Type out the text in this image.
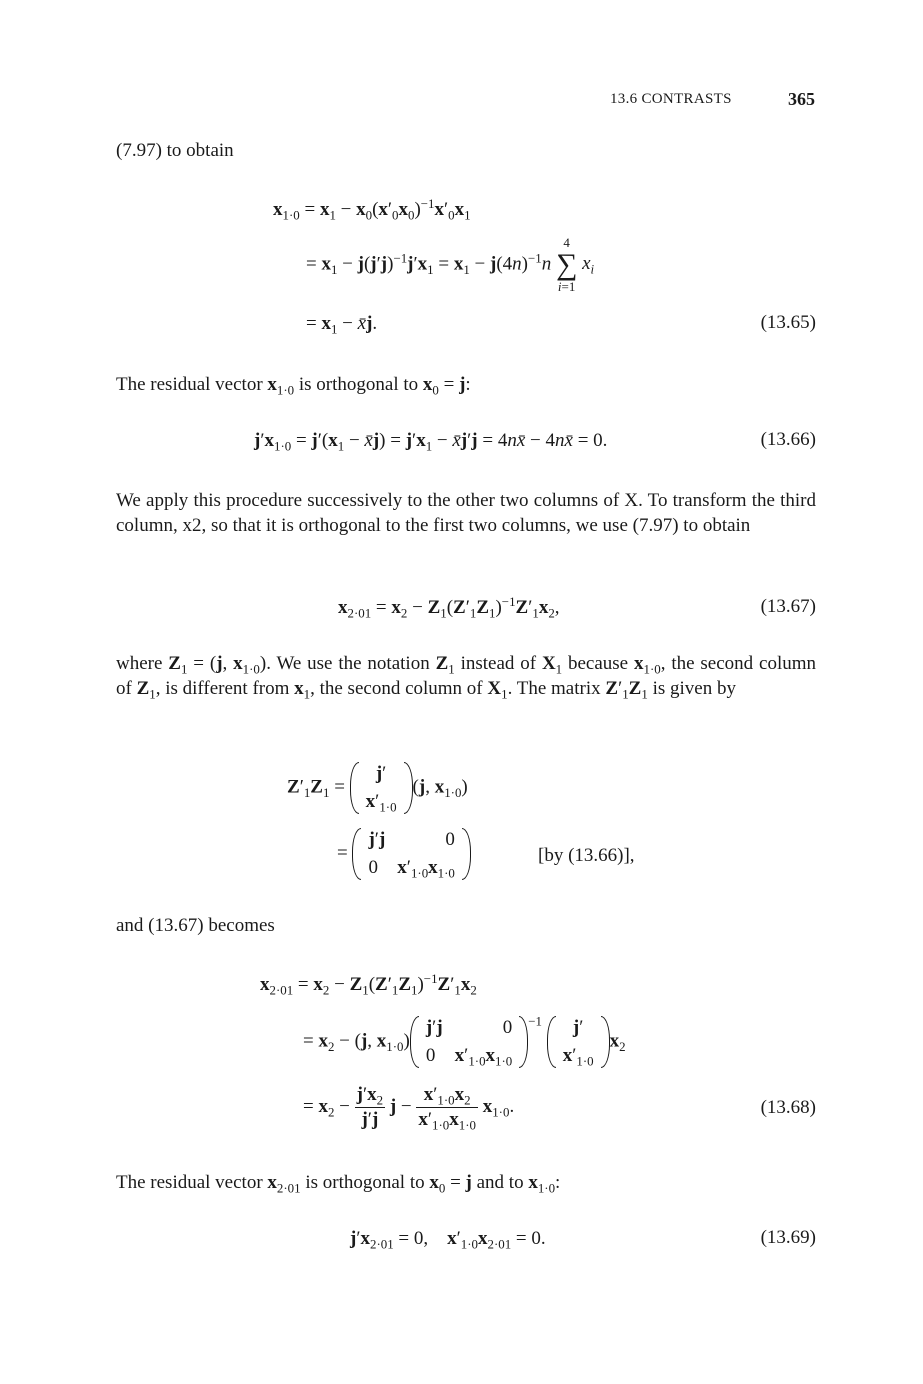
13.6 CONTRASTS	365
(7.97) to obtain
$x_{1\cdot 0} = x_1 - x_0(x'_0x_0)^{-1}x'_0x_1$
= $x_1 - j(j'j)^{-1}j'x_1 = x_1 - j(4n)^{-1}n$
4
∑
i=1
$x_i$
= $x_1$ − x̄j.	(13.65)
The residual vector $x_{1\cdot 0}$ is orthogonal to $x_0 = j$:
$j'x_{1\cdot 0} = j'(x_1$ − x̄j) = $j'x_1$ − x̄j′j = 4nx̄ − 4nx̄ = 0.	(13.66)
We apply this procedure successively to the other two columns of X. To transform the third column, x2, so that it is orthogonal to the first two columns, we use (7.97) to obtain
$x_{2\cdot 01} = x_2 - Z_1(Z'_1Z_1)^{-1}Z'_1x_2$,	(13.67)
where $Z_1 = (j$, $x_{1\cdot 0}$). We use the notation $Z_1$ instead of $X_1$ because $x_{1\cdot 0}$, the second column of $Z_1$, is different from $x_1$, the second column of $X_1$. The matrix $Z'_1Z_1$ is given by
$Z'_1Z_1$ =
j′
$x'_{1\cdot 0}$
(j, $x_{1\cdot 0}$)
=
j′j	0
0	$x'_{1\cdot 0}x_{1\cdot 0}$
[by (13.66)],
and (13.67) becomes
$x_{2\cdot 01} = x_2 - Z_1(Z'_1Z_1)^{-1}Z'_1x_2$
= $x_2 - (j$, $x_{1\cdot 0}$)
j′j	0
0	$x'_{1\cdot 0}x_{1\cdot 0}$
$^{-1}$ j′
$x'_{1\cdot 0}$
$x_2$
= $x_2 - \frac{j'x_2}{j'j}$ $j - \frac{x'_{1\cdot 0}x_2}{x'_{1\cdot 0}x_{1\cdot 0}} x_{1\cdot 0}$.	(13.68)
The residual vector $x_{2\cdot 01}$ is orthogonal to $x_0 = j$ and to $x_{1\cdot 0}$:
$j'x_{2\cdot 01} = 0$,    $x'_{1\cdot 0}x_{2\cdot 01} = 0$.	(13.69)
